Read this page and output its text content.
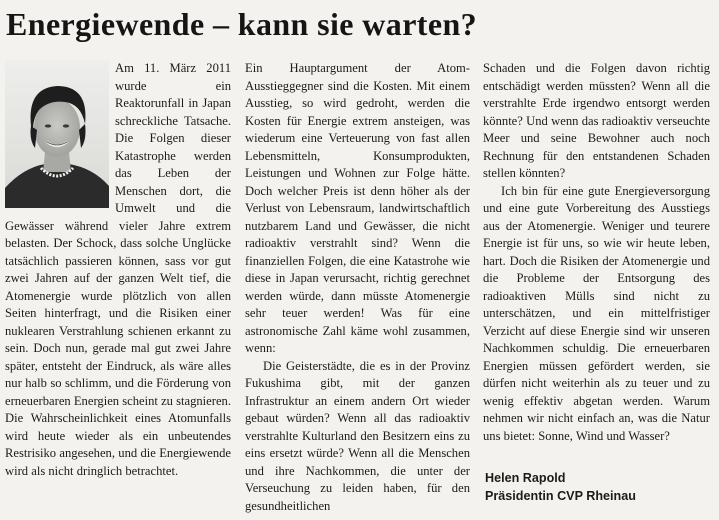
Energiewende – kann sie warten?

Am 11. März 2011 wurde ein Reaktorunfall in Japan schreckliche Tatsache. Die Folgen dieser Katastrophe werden das Leben der Menschen dort, die Umwelt und die Gewässer während vieler Jahre extrem belasten. Der Schock, dass solche Unglücke tatsächlich passieren können, sass vor gut zwei Jahren auf der ganzen Welt tief, die Atomenergie wurde plötzlich von allen Seiten hinterfragt, und die Risiken einer nuklearen Verstrahlung schienen erkannt zu sein. Doch nun, gerade mal gut zwei Jahre später, entsteht der Eindruck, als wäre alles nur halb so schlimm, und die Förderung von erneuerbaren Energien scheint zu stagnieren. Die Wahrscheinlichkeit eines Atomunfalls wird heute wieder als ein unbeutendes Restrisiko angesehen, und die Energiewende wird als nicht dringlich betrachtet.

Ein Hauptargument der Atom-Ausstieggegner sind die Kosten. Mit einem Ausstieg, so wird gedroht, werden die Kosten für Energie extrem ansteigen, was wiederum eine Verteuerung von fast allen Lebensmitteln, Konsumprodukten, Leistungen und Wohnen zur Folge hätte. Doch welcher Preis ist denn höher als der Verlust von Lebensraum, landwirtschaftlich nutzbarem Land und Gewässer, die nicht radioaktiv verstrahlt sind? Wenn die finanziellen Folgen, die eine Katastrohe wie diese in Japan verursacht, richtig gerechnet werden würde, dann müsste Atomenergie sehr teuer werden! Was für eine astronomische Zahl käme wohl zusammen, wenn:

Die Geisterstädte, die es in der Provinz Fukushima gibt, mit der ganzen Infrastruktur an einem andern Ort wieder gebaut würden? Wenn all das radioaktiv verstrahlte Kulturland den Besitzern eins zu eins ersetzt würde? Wenn all die Menschen und ihre Nachkommen, die unter der Verseuchung zu leiden haben, für den gesundheitlichen

Schaden und die Folgen davon richtig entschädigt werden müssten? Wenn all die verstrahlte Erde irgendwo entsorgt werden könnte? Und wenn das radioaktiv verseuchte Meer und seine Bewohner auch noch Rechnung für den entstandenen Schaden stellen könnten?

Ich bin für eine gute Energieversorgung und eine gute Vorbereitung des Ausstiegs aus der Atomenergie. Weniger und teurere Energie ist für uns, so wie wir heute leben, hart. Doch die Risiken der Atomenergie und die Probleme der Entsorgung des radioaktiven Mülls sind nicht zu unterschätzen, und ein mittelfristiger Verzicht auf diese Energie sind wir unseren Nachkommen schuldig. Die erneuerbaren Energien müssen gefördert werden, sie dürfen nicht weiterhin als zu teuer und zu wenig effektiv abgetan werden. Warum nehmen wir nicht einfach an, was die Natur uns bietet: Sonne, Wind und Wasser?

Helen Rapold
Präsidentin CVP Rheinau
